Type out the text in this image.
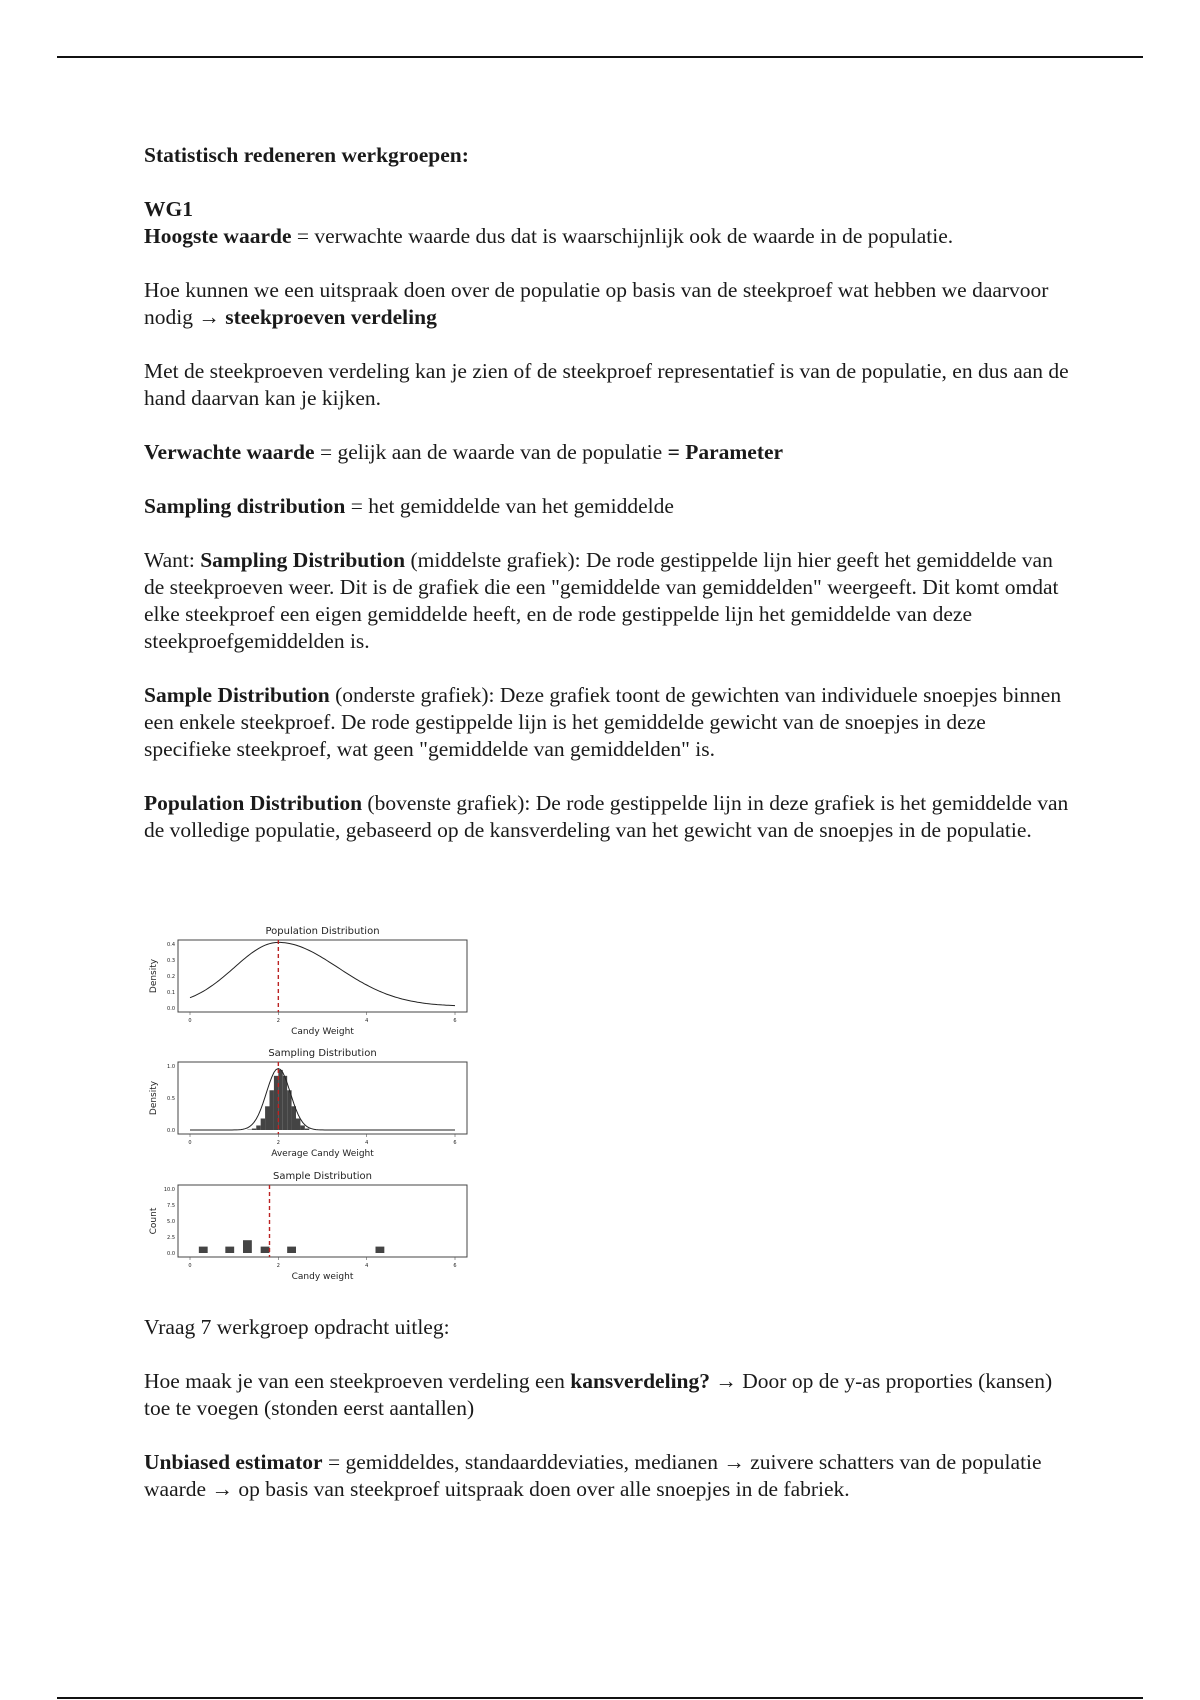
Statistisch redeneren werkgroepen:

WG1

Hoogste waarde = verwachte waarde dus dat is waarschijnlijk ook de waarde in de populatie.

Hoe kunnen we een uitspraak doen over de populatie op basis van de steekproef wat hebben we daarvoor nodig → steekproeven verdeling

Met de steekproeven verdeling kan je zien of de steekproef representatief is van de populatie, en dus aan de hand daarvan kan je kijken.

Verwachte waarde = gelijk aan de waarde van de populatie = Parameter

Sampling distribution = het gemiddelde van het gemiddelde

Want: Sampling Distribution (middelste grafiek): De rode gestippelde lijn hier geeft het gemiddelde van de steekproeven weer. Dit is de grafiek die een "gemiddelde van gemiddelden" weergeeft. Dit komt omdat elke steekproef een eigen gemiddelde heeft, en de rode gestippelde lijn het gemiddelde van deze steekproefgemiddelden is.

Sample Distribution (onderste grafiek): Deze grafiek toont de gewichten van individuele snoepjes binnen een enkele steekproef. De rode gestippelde lijn is het gemiddelde gewicht van de snoepjes in deze specifieke steekproef, wat geen "gemiddelde van gemiddelden" is.

Population Distribution (bovenste grafiek): De rode gestippelde lijn in deze grafiek is het gemiddelde van de volledige populatie, gebaseerd op de kansverdeling van het gewicht van de snoepjes in de populatie.

Population Distribution
0.0
0.1
0.2
0.3
0.4
0	2	4	6
Candy Weight
Density
Sampling Distribution
0.0
0.5
1.0
0	2	4	6
Average Candy Weight
Density
Sample Distribution
0.0
2.5
5.0
7.5
10.0
0	2	4	6
Candy weight
Count

Vraag 7 werkgroep opdracht uitleg:

Hoe maak je van een steekproeven verdeling een kansverdeling? → Door op de y-as proporties (kansen) toe te voegen (stonden eerst aantallen)

Unbiased estimator = gemiddeldes, standaarddeviaties, medianen → zuivere schatters van de populatie waarde → op basis van steekproef uitspraak doen over alle snoepjes in de fabriek.
